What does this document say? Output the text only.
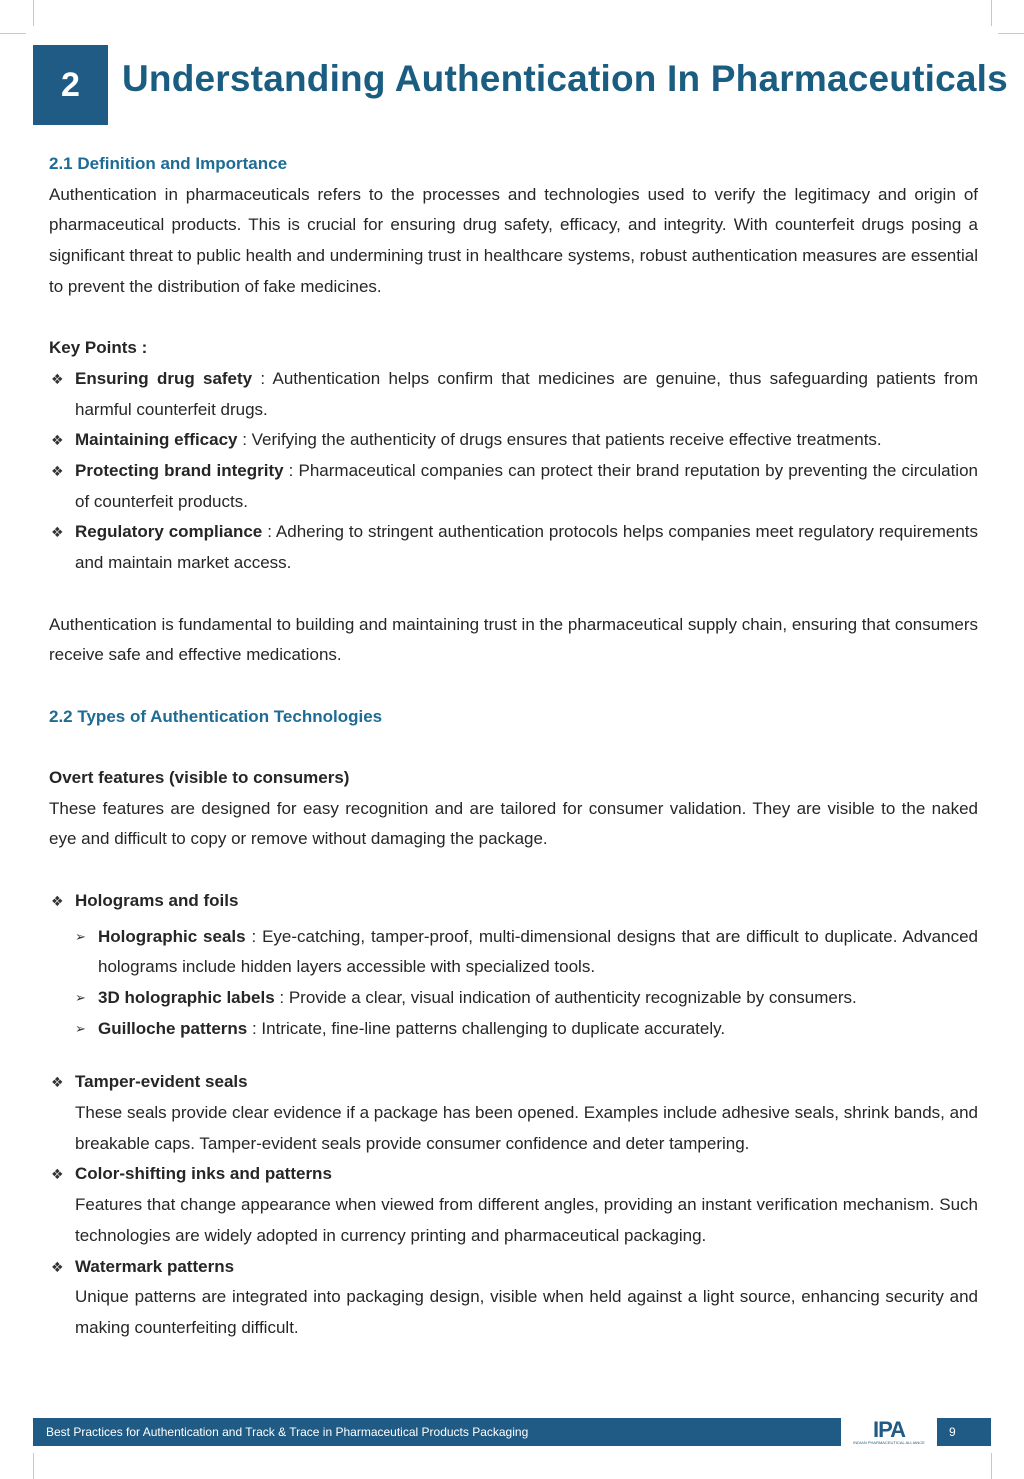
2	Understanding Authentication In Pharmaceuticals
2.1 Definition and Importance
Authentication in pharmaceuticals refers to the processes and technologies used to verify the legitimacy and origin of pharmaceutical products. This is crucial for ensuring drug safety, efficacy, and integrity. With counterfeit drugs posing a significant threat to public health and undermining trust in healthcare systems, robust authentication measures are essential to prevent the distribution of fake medicines.
Key Points :
❖ Ensuring drug safety : Authentication helps confirm that medicines are genuine, thus safeguarding patients from harmful counterfeit drugs.
❖ Maintaining efficacy : Verifying the authenticity of drugs ensures that patients receive effective treatments.
❖ Protecting brand integrity : Pharmaceutical companies can protect their brand reputation by preventing the circulation of counterfeit products.
❖ Regulatory compliance : Adhering to stringent authentication protocols helps companies meet regulatory requirements and maintain market access.
Authentication is fundamental to building and maintaining trust in the pharmaceutical supply chain, ensuring that consumers receive safe and effective medications.
2.2 Types of Authentication Technologies
Overt features (visible to consumers)
These features are designed for easy recognition and are tailored for consumer validation. They are visible to the naked eye and difficult to copy or remove without damaging the package.
❖ Holograms and foils
➢ Holographic seals : Eye-catching, tamper-proof, multi-dimensional designs that are difficult to duplicate. Advanced holograms include hidden layers accessible with specialized tools.
➢ 3D holographic labels : Provide a clear, visual indication of authenticity recognizable by consumers.
➢ Guilloche patterns : Intricate, fine-line patterns challenging to duplicate accurately.
❖ Tamper-evident seals
These seals provide clear evidence if a package has been opened. Examples include adhesive seals, shrink bands, and breakable caps. Tamper-evident seals provide consumer confidence and deter tampering.
❖ Color-shifting inks and patterns
Features that change appearance when viewed from different angles, providing an instant verification mechanism. Such technologies are widely adopted in currency printing and pharmaceutical packaging.
❖ Watermark patterns
Unique patterns are integrated into packaging design, visible when held against a light source, enhancing security and making counterfeiting difficult.
Best Practices for Authentication and Track & Trace in Pharmaceutical Products Packaging	IPA
INDIAN PHARMACEUTICAL ALLIANCE
9
